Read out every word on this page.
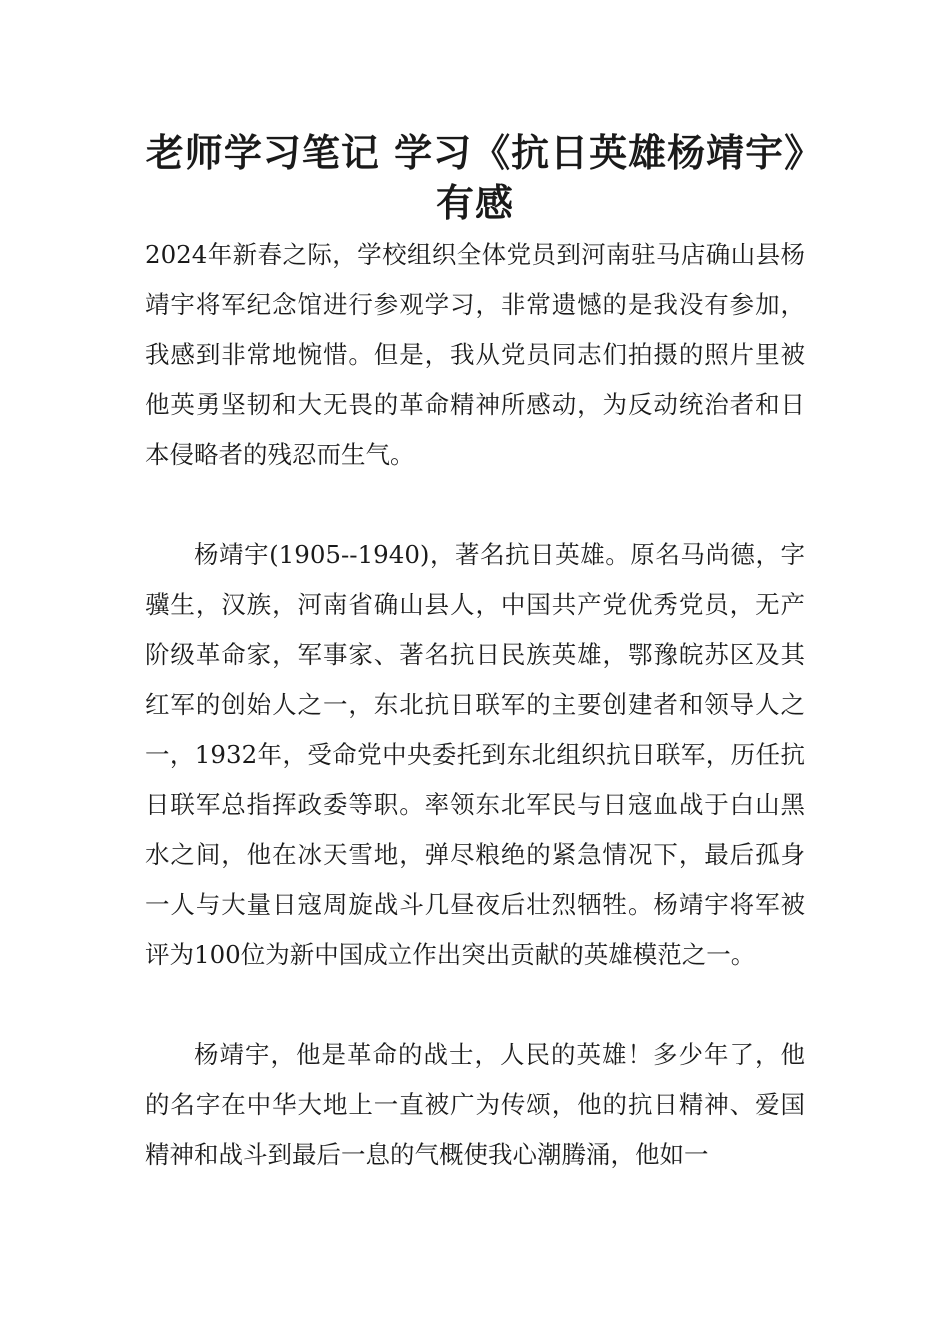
老师学习笔记 学习《抗日英雄杨靖宇》有感

2024年新春之际，学校组织全体党员到河南驻马店确山县杨靖宇将军纪念馆进行参观学习，非常遗憾的是我没有参加，我感到非常地惋惜。但是，我从党员同志们拍摄的照片里被他英勇坚韧和大无畏的革命精神所感动，为反动统治者和日本侵略者的残忍而生气。

杨靖宇(1905--1940)，著名抗日英雄。原名马尚德，字骥生，汉族，河南省确山县人，中国共产党优秀党员，无产阶级革命家，军事家、著名抗日民族英雄，鄂豫皖苏区及其红军的创始人之一，东北抗日联军的主要创建者和领导人之一，1932年，受命党中央委托到东北组织抗日联军，历任抗日联军总指挥政委等职。率领东北军民与日寇血战于白山黑水之间，他在冰天雪地，弹尽粮绝的紧急情况下，最后孤身一人与大量日寇周旋战斗几昼夜后壮烈牺牲。杨靖宇将军被评为100位为新中国成立作出突出贡献的英雄模范之一。

杨靖宇，他是革命的战士，人民的英雄！多少年了，他的名字在中华大地上一直被广为传颂，他的抗日精神、爱国精神和战斗到最后一息的气概使我心潮腾涌，他如一
